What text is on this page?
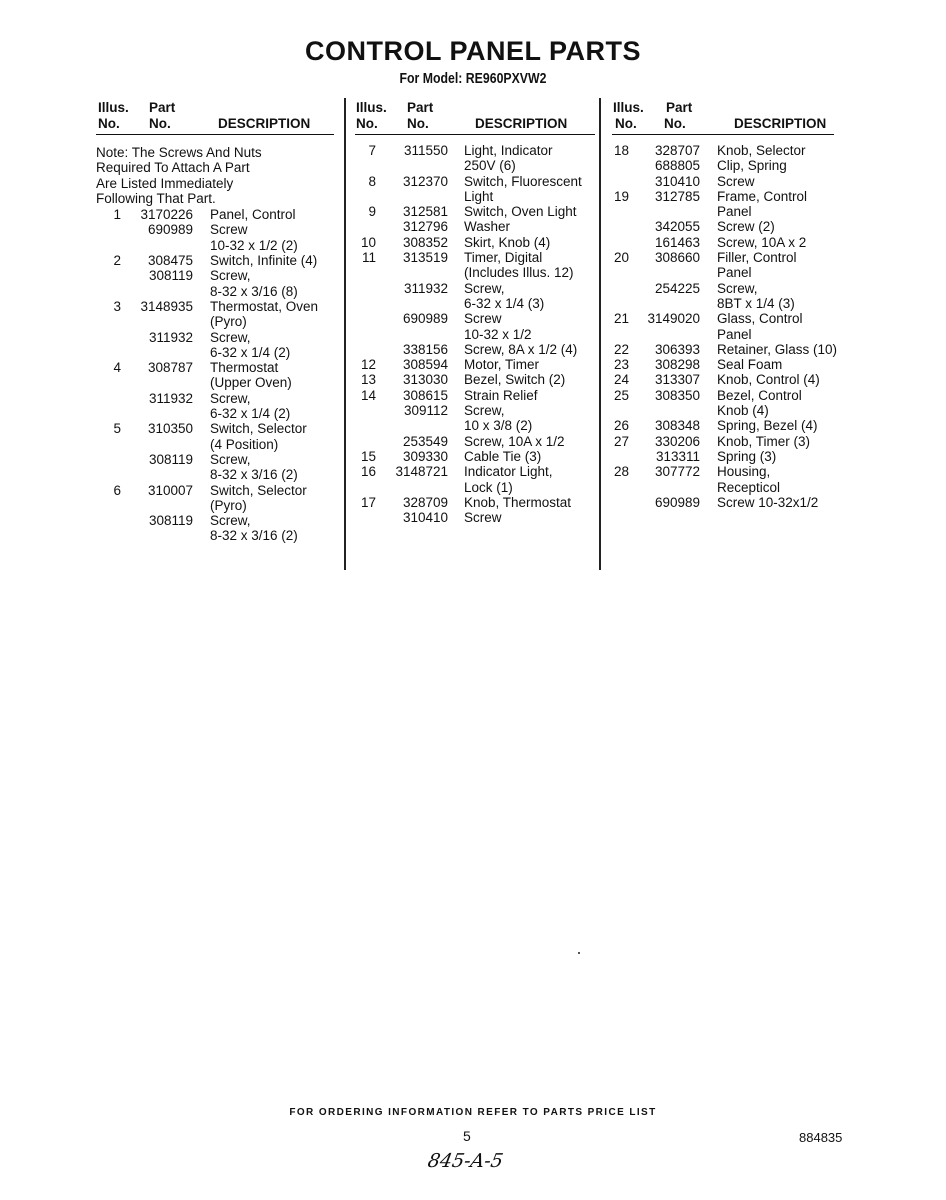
CONTROL PANEL PARTS
For Model: RE960PXVW2
Illus.
No.
Part
No.	DESCRIPTION
Note: The Screws And Nuts
Required To Attach A Part
Are Listed Immediately
Following That Part.
1 3170226 Panel, Control
690989 Screw
10-32 x 1/2 (2)
2 308475 Switch, Infinite (4)
308119 Screw,
8-32 x 3/16 (8)
3 3148935 Thermostat, Oven
(Pyro)
311932 Screw,
6-32 x 1/4 (2)
4 308787 Thermostat
(Upper Oven)
311932 Screw,
6-32 x 1/4 (2)
5 310350 Switch, Selector
(4 Position)
308119 Screw,
8-32 x 3/16 (2)
6 310007 Switch, Selector
(Pyro)
308119 Screw,
8-32 x 3/16 (2)
Illus.
No.
Part
No.	DESCRIPTION
7 311550 Light, Indicator
250V (6)
8 312370 Switch, Fluorescent
Light
9 312581 Switch, Oven Light
312796 Washer
10 308352 Skirt, Knob (4)
11 313519 Timer, Digital
(Includes Illus. 12)
311932 Screw,
6-32 x 1/4 (3)
690989 Screw
10-32 x 1/2
338156 Screw, 8A x 1/2 (4)
12 308594 Motor, Timer
13 313030 Bezel, Switch (2)
14 308615 Strain Relief
309112 Screw,
10 x 3/8 (2)
253549 Screw, 10A x 1/2
15 309330 Cable Tie (3)
16 3148721 Indicator Light,
Lock (1)
17 328709 Knob, Thermostat
310410 Screw
Illus.
No.
Part
No.	DESCRIPTION
18 328707 Knob, Selector
688805 Clip, Spring
310410 Screw
19 312785 Frame, Control
Panel
342055 Screw (2)
161463 Screw, 10A x 2
20 308660 Filler, Control
Panel
254225 Screw,
8BT x 1/4 (3)
21 3149020 Glass, Control
Panel
22 306393 Retainer, Glass (10)
23 308298 Seal Foam
24 313307 Knob, Control (4)
25 308350 Bezel, Control
Knob (4)
26 308348 Spring, Bezel (4)
27 330206 Knob, Timer (3)
313311 Spring (3)
28 307772 Housing,
Recepticol
690989 Screw 10-32x1/2
FOR ORDERING INFORMATION REFER TO PARTS PRICE LIST
5	884835
845-A-5
